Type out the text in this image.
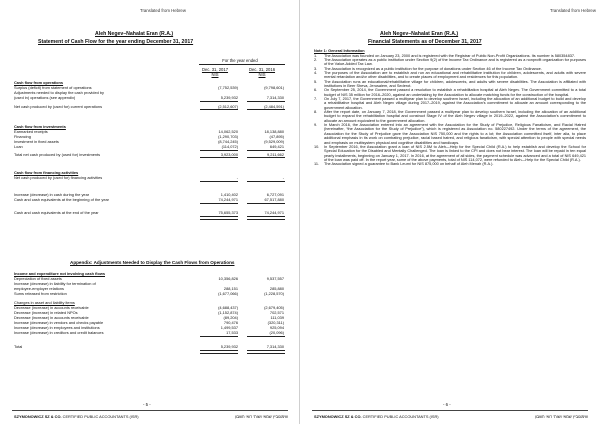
Translated from Hebrew
Aleh Negev–Nahalat Eran (R.A.)
Statement of Cash Flow for the year ending December 31, 2017
For the year ended
Dec. 31, 2017	Dec. 31, 2016
NIS	NIS
Cash flow from operations
Surplus (deficit) from statement of operations	(7,752,539)	(9,798,601)
Adjustments needed to display the cash provided by
(used in) operations (see appendix)	5,239,932	7,314,330
Net cash produced by (used for) current operations	(2,512,607)	(2,484,591)
Cash flow from investments
Earmarked receipts	14,062,520	18,138,880
Financing	(1,290,703)	(47,895)
Investment in fixed assets	(8,744,245)	(9,529,009)
Loan	(114,072)	649,421
Total net cash produced by (used for) investments	3,923,000	9,211,662
Cash flow from financing activities
Net cash produced by (used for) financing activities	-	-
Increase (decrease) in cash during the year	1,410,402	6,727,091
Cash and cash equivalents at the beginning of the year	74,244,971	67,517,880
Cash and cash equivalents at the end of the year	75,655,373	74,244,971
Income and expenditure not involving cash flows
Depreciation of fixed assets	10,356,826	9,537,557
Increase (decrease) in liability for termination of
employee-employer relations	288,151	285,880
Sums released from restriction	(1,677,066)	(1,228,570)
Changes in asset and liability items
Decrease (increase) in accounts receivable	(4,688,437)	(2,679,405)
Decrease (increase) in related NPOs	(1,152,874)	702,571
Decrease (increase) in accounts receivable	(89,204)	111,039
Increase (decrease) in vendors and checks payable	790,476	(320,311)
Increase (decrease) in employees and institutions	1,499,537	925,094
Increase (decrease) in creditors and credit balances	17,533	(20,096)
Total	5,239,932	7,314,330
Appendix: Adjustments Needed to Display the Cash Flows from Operations
- 5 -
SZYMONOWICZ SZ & CO. CERTIFIED PUBLIC ACCOUNTANTS (ISR)	שימונוביץ שמאי ושות' רואי חשבון
Translated from Hebrew
Aleh Negev–Nahalat Eran (R.A.)
Financial Statements as of December 31, 2017
Note 1: General Information
1. The Association was founded on January 23, 2000 and is registered with the Registrar of Public Non-Profit Organizations. Its number is 580354837.
2. The Association operates as a public institution under Section 9(2) of the Income Tax Ordinance and is registered as a nonprofit organization for purposes of the Value-Added Tax Law.
3. The Association is recognized as a public institution for the purpose of donations under Section 46 of the Income Tax Ordinance.
4. The purposes of the Association are to establish and run an educational and rehabilitative institution for children, adolescents, and adults with severe mental retardation and/or other disabilities, and to create places of employment and residences for this population.
5. The Association runs an educational/rehabilitative village for children, adolescents, and adults with severe disabilities. The Association is affiliated with institutions in Beer Sheva, Jerusalem, and Sederot.
6. On September 25, 2014, the Government passed a resolution to establish a rehabilitation hospital at Aleh Negev. The Government committed to a total budget of NIS 35 million for 2016–2020, against an undertaking by the Association to allocate matching funds for the construction of the hospital.
7. On July 7, 2017, the Government passed a multiyear plan to develop southern Israel, including the allocation of an additional budget to build and develop a rehabilitative hospital and Aleh Negev village during 2017–2019, against the Association's commitment to allocate an amount corresponding to the government allocation.
8. After the report date, on January 7, 2018, the Government passed a multiyear plan to develop southern Israel, including the allocation of an additional budget to expand the rehabilitation hospital and construct Stage IV of the Aleh Negev village in 2019–2022, against the Association's commitment to allocate an amount equivalent to the government allocation.
9. In March 2016, the Association entered into an agreement with the Association for the Study of Prejudice, Religious Fanaticism, and Racial Hatred (hereinafter, “the Association for the Study of Prejudice”), which is registered as Association no. 580227492. Under the terms of the agreement, the Association for the Study of Prejudice gave the Association NIS 750,000 and the rights to a lot; the Association committed itself, inter alia, to place additional emphasis in its work on combating prejudice, racial based hatred, and religious fanaticism, with special attention to people with special needs and emphasis on multisystem physical and cognitive disabilities and handicaps.
10. In September 2016, the Association grant a loan of NIS 2.5M to Aleh—Help for the Special Child (R.A.) to help establish and develop the School for Special Education for the Disabled and Mentally Challenged. The loan is linked to the CPI and does not bear interest. The loan will be repaid in ten equal yearly installments, beginning on January 1, 2017. In 2016, at the agreement of all sides, the payment schedule was advanced and a total of NIS 649,421 of the loan was paid off. In the report year, some of the above payments, total of NIS 114,072, were refunded to Aleh—Help for the Special Child (R.A.).
11. The Association signed a guarantee to Bank Leumi for NIS 875,000 on behalf of Aleh Menah (R.A.).
- 6 -
SZYMONOWICZ SZ & CO. CERTIFIED PUBLIC ACCOUNTANTS (ISR)	שימונוביץ שמאי ושות' רואי חשבון
